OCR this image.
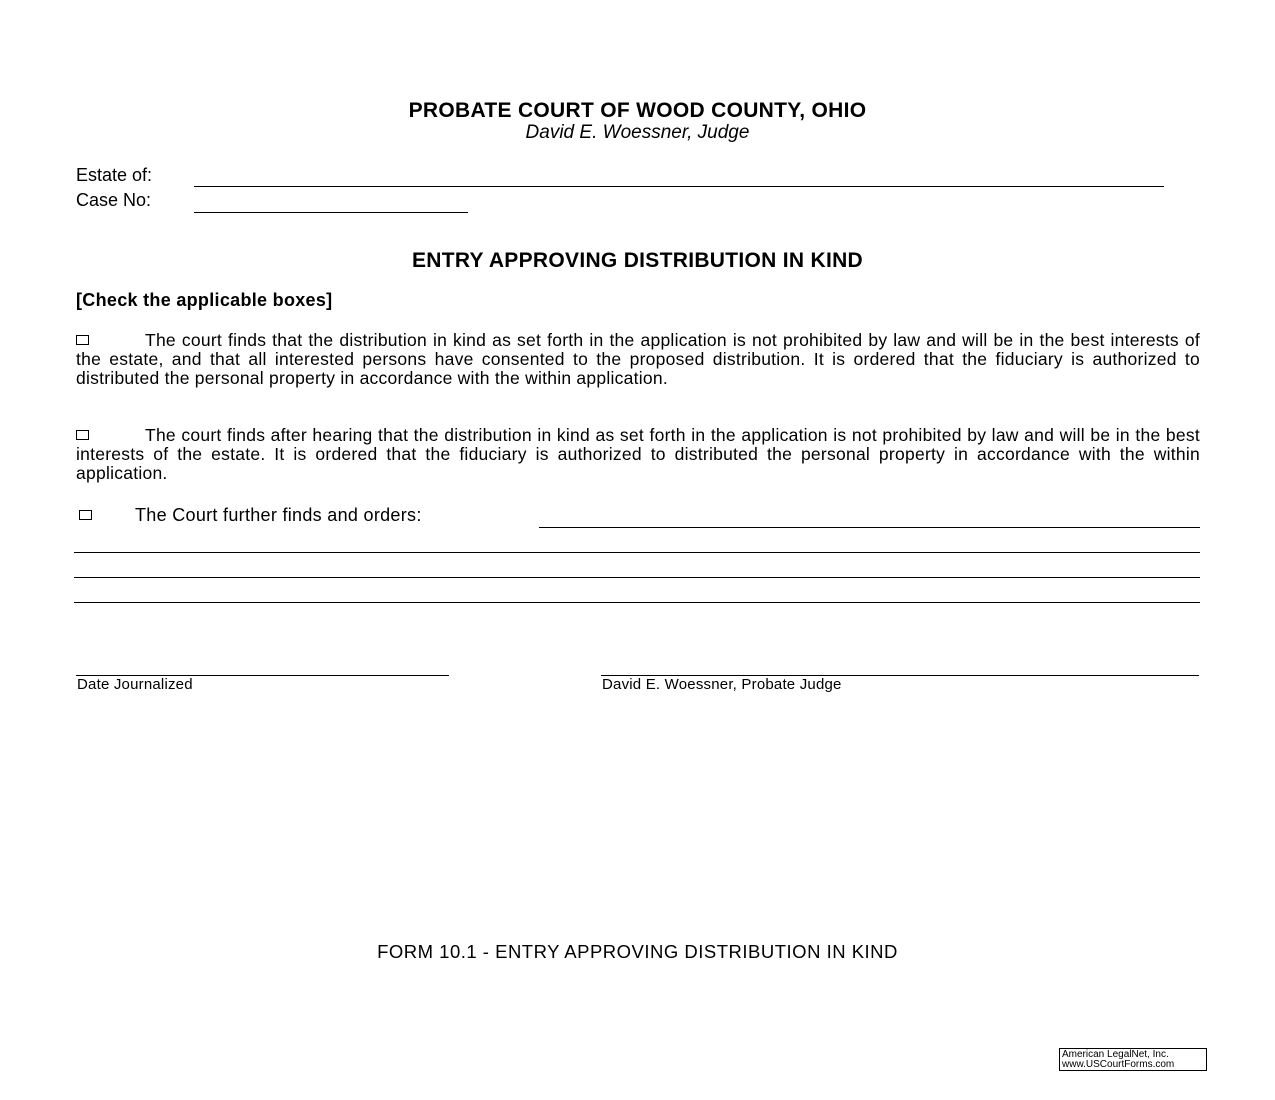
PROBATE COURT OF WOOD COUNTY, OHIO
David E. Woessner, Judge
Estate of:
Case No:
ENTRY APPROVING DISTRIBUTION IN KIND
[Check the applicable boxes]
The court finds that the distribution in kind as set forth in the application is not prohibited by law and will be in the best interests of the estate, and that all interested persons have consented to the proposed distribution. It is ordered that the fiduciary is authorized to distributed the personal property in accordance with the within application.
The court finds after hearing that the distribution in kind as set forth in the application is not prohibited by law and will be in the best interests of the estate. It is ordered that the fiduciary is authorized to distributed the personal property in accordance with the within application.
The Court further finds and orders:
Date Journalized	David E. Woessner, Probate Judge
FORM 10.1 - ENTRY APPROVING DISTRIBUTION IN KIND
American LegalNet, Inc.
www.USCourtForms.com
